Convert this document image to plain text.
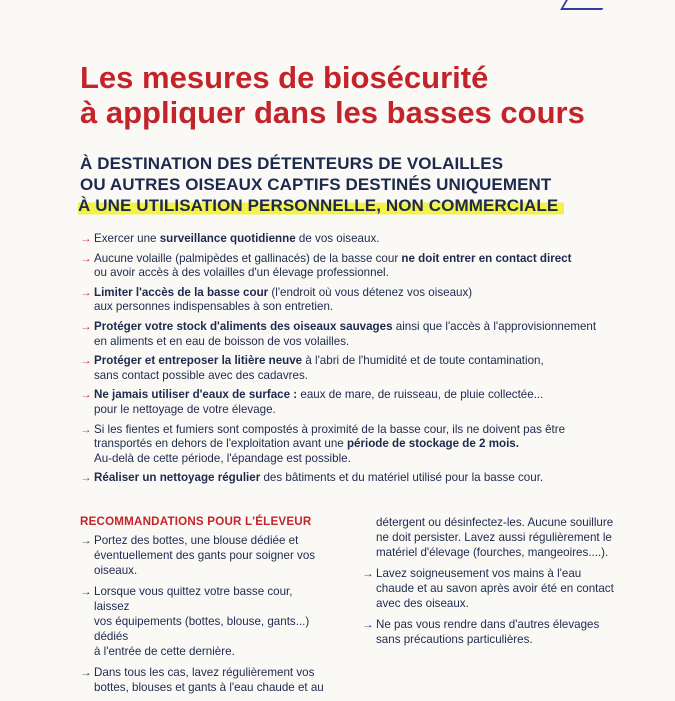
Les mesures de biosécurité
à appliquer dans les basses cours
À DESTINATION DES DÉTENTEURS DE VOLAILLES
OU AUTRES OISEAUX CAPTIFS DESTINÉS UNIQUEMENT
À UNE UTILISATION PERSONNELLE, NON COMMERCIALE
→ Exercer une surveillance quotidienne de vos oiseaux.
→ Aucune volaille (palmipèdes et gallinacés) de la basse cour ne doit entrer en contact direct
ou avoir accès à des volailles d'un élevage professionnel.
→ Limiter l'accès de la basse cour (l'endroit où vous détenez vos oiseaux)
aux personnes indispensables à son entretien.
→ Protéger votre stock d'aliments des oiseaux sauvages ainsi que l'accès à l'approvisionnement
en aliments et en eau de boisson de vos volailles.
→ Protéger et entreposer la litière neuve à l'abri de l'humidité et de toute contamination,
sans contact possible avec des cadavres.
→ Ne jamais utiliser d'eaux de surface : eaux de mare, de ruisseau, de pluie collectée...
pour le nettoyage de votre élevage.
→ Si les fientes et fumiers sont compostés à proximité de la basse cour, ils ne doivent pas être
transportés en dehors de l'exploitation avant une période de stockage de 2 mois.
Au-delà de cette période, l'épandage est possible.
→ Réaliser un nettoyage régulier des bâtiments et du matériel utilisé pour la basse cour.
RECOMMANDATIONS POUR L'ÉLEVEUR
→ Portez des bottes, une blouse dédiée et
éventuellement des gants pour soigner vos
oiseaux.
→ Lorsque vous quittez votre basse cour, laissez
vos équipements (bottes, blouse, gants...) dédiés
à l'entrée de cette dernière.
→ Dans tous les cas, lavez régulièrement vos
bottes, blouses et gants à l'eau chaude et au
détergent ou désinfectez-les. Aucune souillure
ne doit persister. Lavez aussi régulièrement le
matériel d'élevage (fourches, mangeoires....).
→ Lavez soigneusement vos mains à l'eau
chaude et au savon après avoir été en contact
avec des oiseaux.
→ Ne pas vous rendre dans d'autres élevages
sans précautions particulières.
